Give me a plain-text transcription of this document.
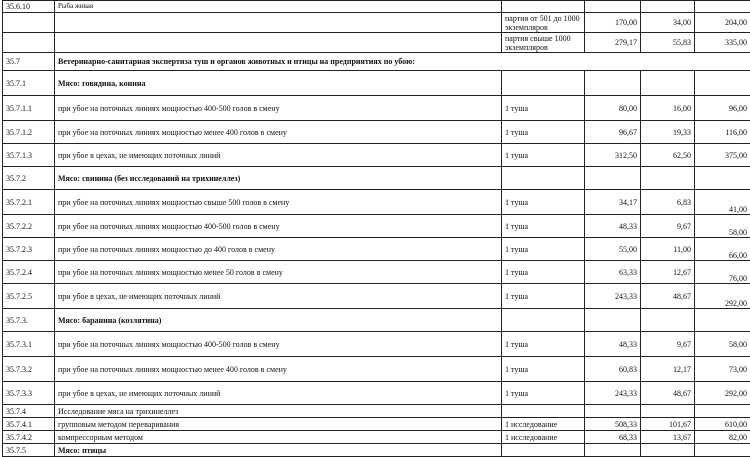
35.6.10	Рыба живая				
		партия от 501 до 1000 экземпляров	170,00	34,00	204,00
		партия свыше 1000 экземпляров	279,17	55,83	335,00
35.7	Ветеринарно-санитарная экспертиза туш и органов животных и птицы на предприятиях по убою:				
35.7.1	Мясо: говядина, конина				
35.7.1.1	при убое на поточных линиях мощностью 400-500 голов в смену	1 туша	80,00	16,00	96,00
35.7.1.2	при убое на поточных линиях мощностью менее 400 голов в смену	1 туша	96,67	19,33	116,00
35.7.1.3	при убое в цехах, не имеющих поточных линий	1 туша	312,50	62,50	375,00
35.7.2	Мясо: свинина (без исследований на трихинеллез)				
35.7.2.1	при убое на поточных линиях мощностью свыше 500 голов в смену	1 туша	34,17	6,83	41,00
35.7.2.2	при убое на поточных линиях мощностью 400-500 голов в смену	1 туша	48,33	9,67	58,00
35.7.2.3	при убое на поточных линиях мощностью до 400 голов в смену	1 туша	55,00	11,00	66,00
35.7.2.4	при убое на поточных линиях мощностью менее 50 голов в смену	1 туша	63,33	12,67	76,00
35.7.2.5	при убое в цехах, не имеющих поточных линий	1 туша	243,33	48,67	292,00
35.7.3.	Мясо: баранина (козлятина)				
35.7.3.1	при убое на поточных линиях мощностью 400-500 голов в смену	1 туша	48,33	9,67	58,00
35.7.3.2	при убое на поточных линиях мощностью менее 400 голов в смену	1 туша	60,83	12,17	73,00
35.7.3.3	при убое в цехах, не имеющих поточных линий	1 туша	243,33	48,67	292,00
35.7.4	Исследование мяса на трихинеллез				
35.7.4.1	групповым методом переваривания	1 исследование	508,33	101,67	610,00
35.7.4.2	компрессорным методом	1 исследование	68,33	13,67	82,00
35.7.5	Мясо: птицы				
